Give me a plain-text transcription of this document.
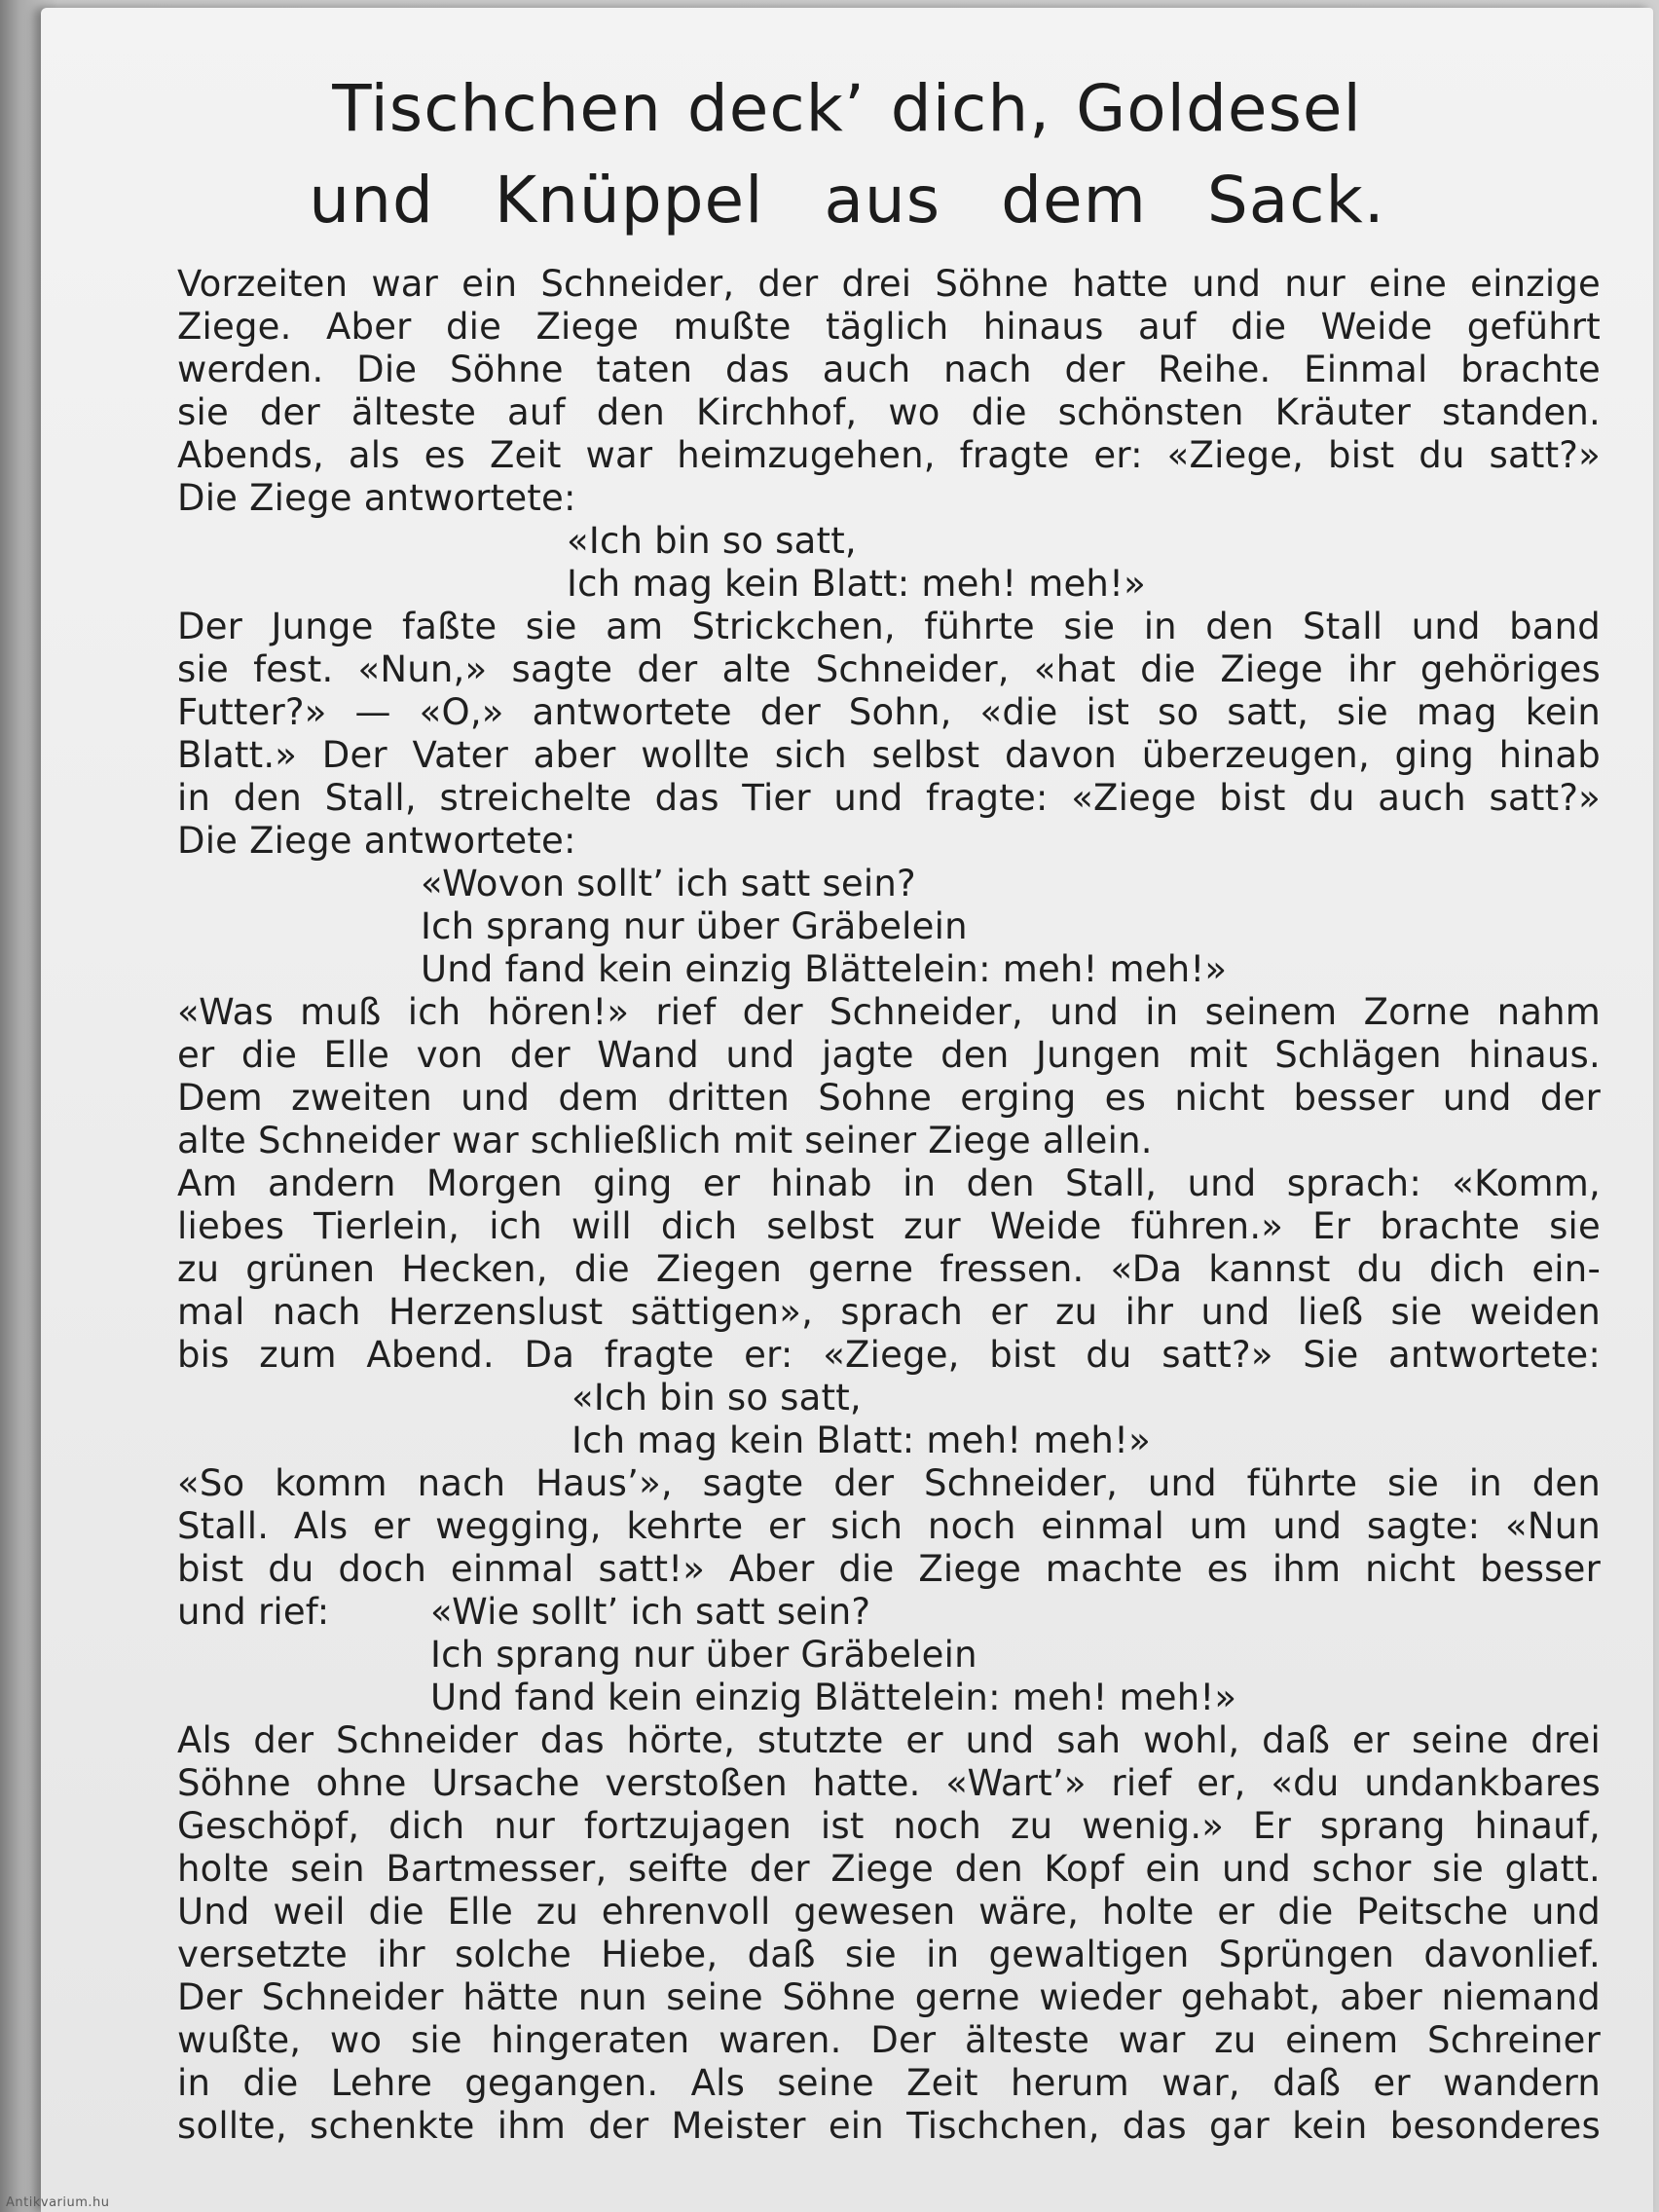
Tischchen deck’ dich, Goldesel
und Knüppel aus dem Sack.
Vorzeiten war ein Schneider, der drei Söhne hatte und nur eine einzige
Ziege. Aber die Ziege mußte täglich hinaus auf die Weide geführt
werden. Die Söhne taten das auch nach der Reihe. Einmal brachte
sie der älteste auf den Kirchhof, wo die schönsten Kräuter standen.
Abends, als es Zeit war heimzugehen, fragte er: «Ziege, bist du satt?»
Die Ziege antwortete:
«Ich bin so satt,
Ich mag kein Blatt: meh! meh!»
Der Junge faßte sie am Strickchen, führte sie in den Stall und band
sie fest. «Nun,» sagte der alte Schneider, «hat die Ziege ihr gehöriges
Futter?» — «O,» antwortete der Sohn, «die ist so satt, sie mag kein
Blatt.» Der Vater aber wollte sich selbst davon überzeugen, ging hinab
in den Stall, streichelte das Tier und fragte: «Ziege bist du auch satt?»
Die Ziege antwortete:
«Wovon sollt’ ich satt sein?
Ich sprang nur über Gräbelein
Und fand kein einzig Blättelein: meh! meh!»
«Was muß ich hören!» rief der Schneider, und in seinem Zorne nahm
er die Elle von der Wand und jagte den Jungen mit Schlägen hinaus.
Dem zweiten und dem dritten Sohne erging es nicht besser und der
alte Schneider war schließlich mit seiner Ziege allein.
Am andern Morgen ging er hinab in den Stall, und sprach: «Komm,
liebes Tierlein, ich will dich selbst zur Weide führen.» Er brachte sie
zu grünen Hecken, die Ziegen gerne fressen. «Da kannst du dich ein-
mal nach Herzenslust sättigen», sprach er zu ihr und ließ sie weiden
bis zum Abend. Da fragte er: «Ziege, bist du satt?» Sie antwortete:
«Ich bin so satt,
Ich mag kein Blatt: meh! meh!»
«So komm nach Haus’», sagte der Schneider, und führte sie in den
Stall. Als er wegging, kehrte er sich noch einmal um und sagte: «Nun
bist du doch einmal satt!» Aber die Ziege machte es ihm nicht besser
und rief:	«Wie sollt’ ich satt sein?
Ich sprang nur über Gräbelein
Und fand kein einzig Blättelein: meh! meh!»
Als der Schneider das hörte, stutzte er und sah wohl, daß er seine drei
Söhne ohne Ursache verstoßen hatte. «Wart’» rief er, «du undankbares
Geschöpf, dich nur fortzujagen ist noch zu wenig.» Er sprang hinauf,
holte sein Bartmesser, seifte der Ziege den Kopf ein und schor sie glatt.
Und weil die Elle zu ehrenvoll gewesen wäre, holte er die Peitsche und
versetzte ihr solche Hiebe, daß sie in gewaltigen Sprüngen davonlief.
Der Schneider hätte nun seine Söhne gerne wieder gehabt, aber niemand
wußte, wo sie hingeraten waren. Der älteste war zu einem Schreiner
in die Lehre gegangen. Als seine Zeit herum war, daß er wandern
sollte, schenkte ihm der Meister ein Tischchen, das gar kein besonderes
Antikvarium.hu
